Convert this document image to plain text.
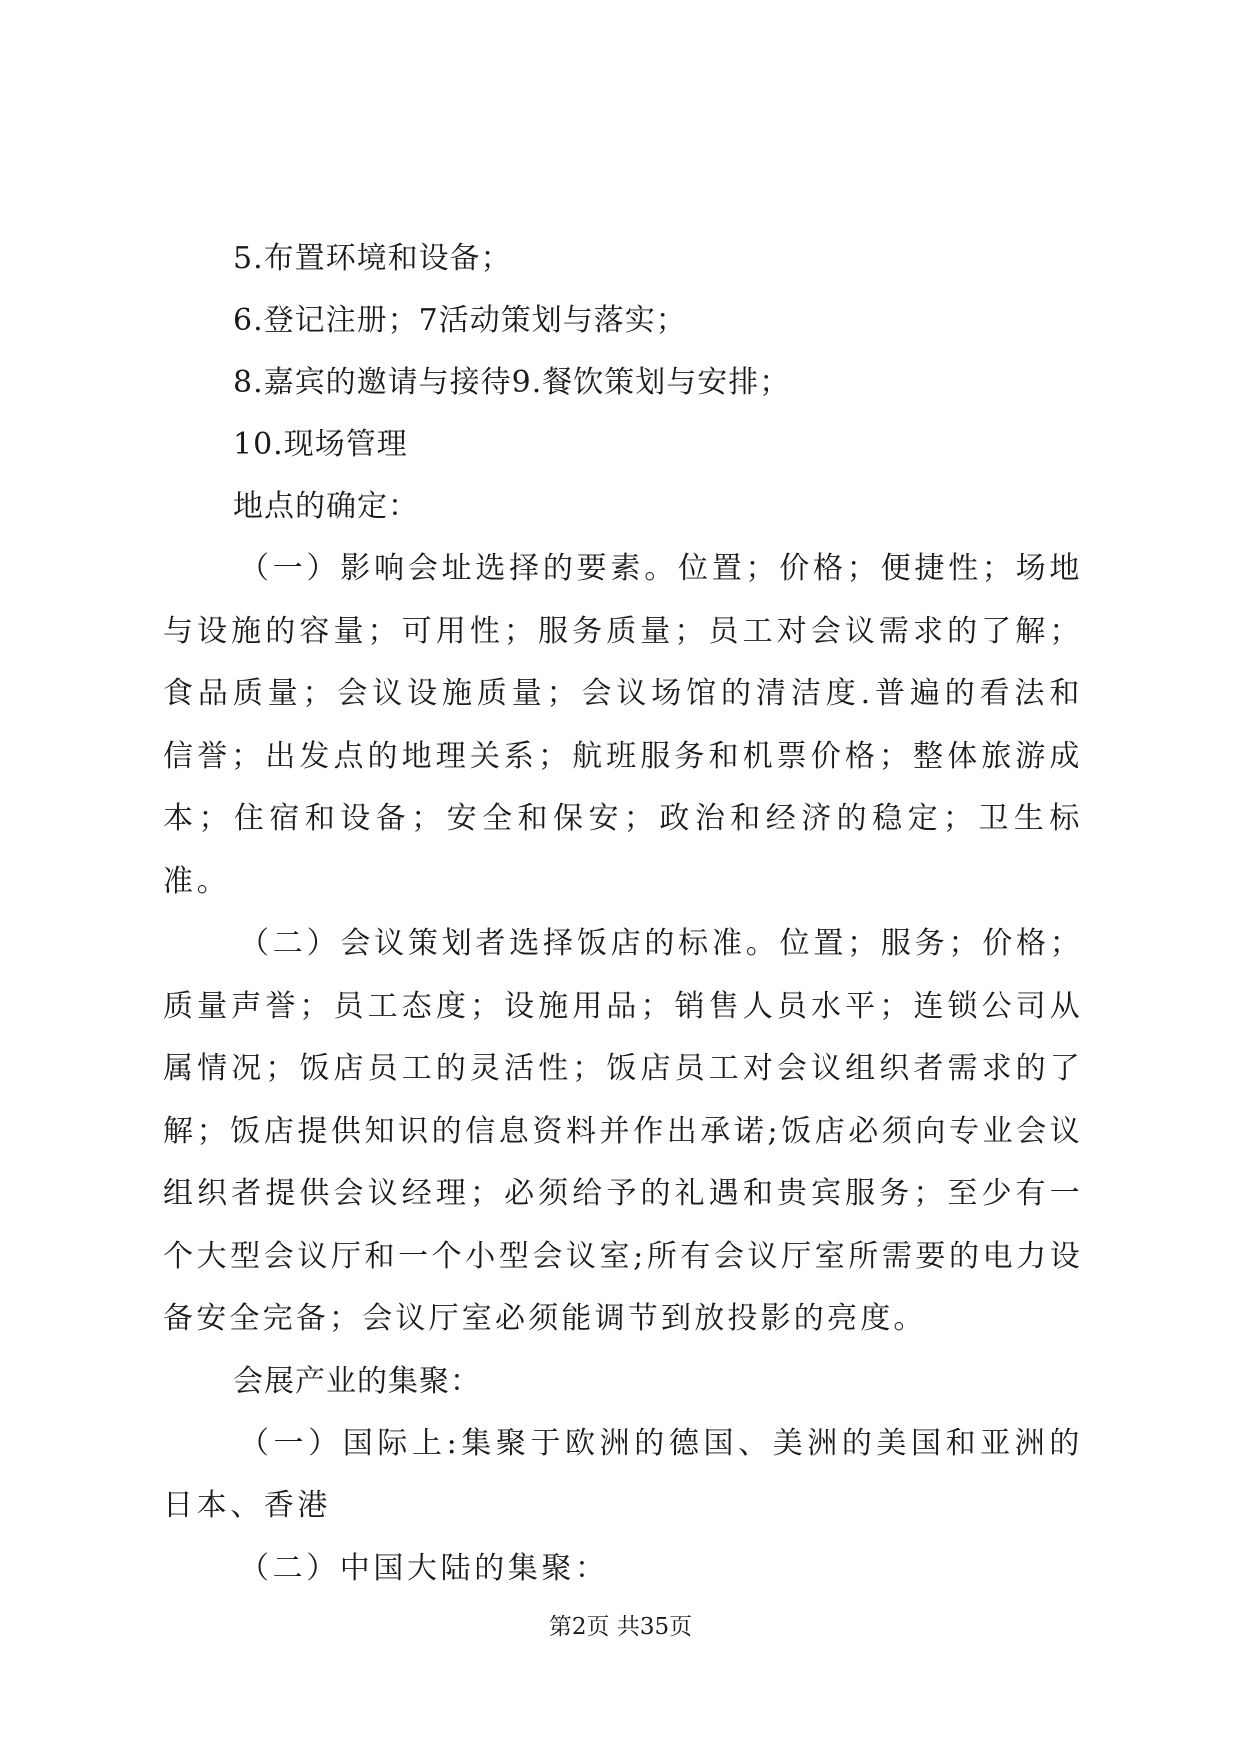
5.布置环境和设备；

6.登记注册；7活动策划与落实；

8.嘉宾的邀请与接待9.餐饮策划与安排；

10.现场管理

地点的确定：

（一）影响会址选择的要素。位置；价格；便捷性；场地与设施的容量；可用性；服务质量；员工对会议需求的了解；食品质量；会议设施质量；会议场馆的清洁度.普遍的看法和信誉；出发点的地理关系；航班服务和机票价格；整体旅游成本；住宿和设备；安全和保安；政治和经济的稳定；卫生标准。

（二）会议策划者选择饭店的标准。位置；服务；价格；质量声誉；员工态度；设施用品；销售人员水平；连锁公司从属情况；饭店员工的灵活性；饭店员工对会议组织者需求的了解；饭店提供知识的信息资料并作出承诺;饭店必须向专业会议组织者提供会议经理；必须给予的礼遇和贵宾服务；至少有一个大型会议厅和一个小型会议室;所有会议厅室所需要的电力设备安全完备；会议厅室必须能调节到放投影的亮度。

会展产业的集聚：

（一）国际上:集聚于欧洲的德国、美洲的美国和亚洲的日本、香港

（二）中国大陆的集聚：

第2页 共35页
